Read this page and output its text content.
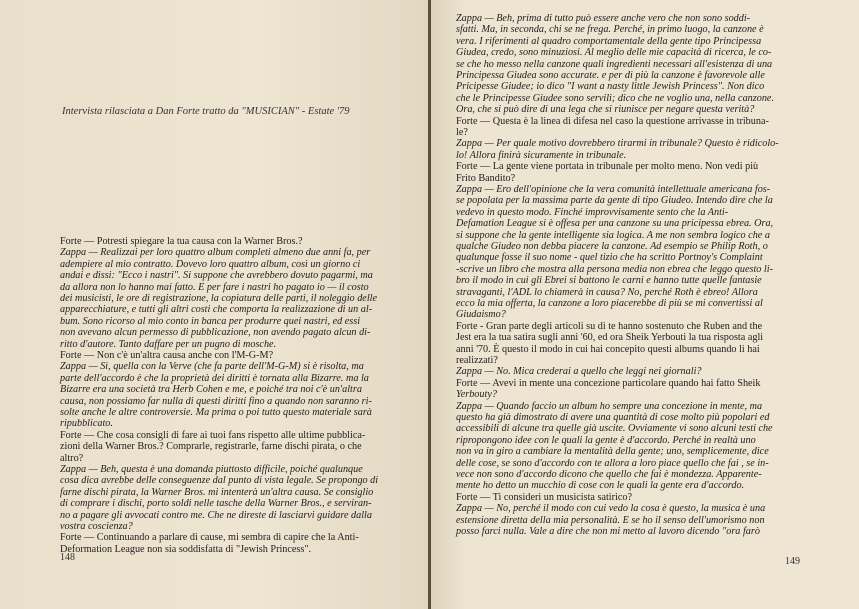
Intervista rilasciata a Dan Forte tratto da "MUSICIAN" - Estate '79
Forte — Potresti spiegare la tua causa con la Warner Bros.?
Zappa — Realizzai per loro quattro album completi almeno due anni fa, per
adempiere al mio contratto. Dovevo loro quattro album, così un giorno ci
andai e dissi: "Ecco i nastri". Si suppone che avrebbero dovuto pagarmi, ma
da allora non lo hanno mai fatto. E per fare i nastri ho pagato io — il costo
dei musicisti, le ore di registrazione, la copiatura delle parti, il noleggio delle
apparecchiature, e tutti gli altri costi che comporta la realizzazione di un al-
bum. Sono ricorso al mio conto in banca per produrre quei nastri, ed essi
non avevano alcun permesso di pubblicazione, non avendo pagato alcun di-
ritto d'autore. Tanto daffare per un pugno di mosche.
Forte — Non c'è un'altra causa anche con l'M-G-M?
Zappa — Sì, quella con la Verve (che fa parte dell'M-G-M) si è risolta, ma
parte dell'accordo è che la proprietà dei diritti è tornata alla Bizarre. ma la
Bizarre era una società tra Herb Cohen e me, e poiché tra noi c'è un'altra
causa, non possiamo far nulla di questi diritti fino a quando non saranno ri-
solte anche le altre controversie. Ma prima o poi tutto questo materiale sarà
ripubblicato.
Forte — Che cosa consigli di fare ai tuoi fans rispetto alle ultime pubblica-
zioni della Warner Bros.? Comprarle, registrarle, farne dischi pirata, o che
altro?
Zappa — Beh, questa è una domanda piuttosto difficile, poiché qualunque
cosa dica avrebbe delle conseguenze dal punto di vista legale. Se propongo di
farne dischi pirata, la Warner Bros. mi intenterà un'altra causa. Se consiglio
di comprare i dischi, porto soldi nelle tasche della Warner Bros., e serviran-
no a pagare gli avvocati contro me. Che ne direste di lasciarvi guidare dalla
vostra coscienza?
Forte — Continuando a parlare di cause, mi sembra di capire che la Anti-
Deformation League non sia soddisfatta di "Jewish Princess".
148
Zappa — Beh, prima di tutto può essere anche vero che non sono soddi-
sfatti. Ma, in seconda, chi se ne frega. Perché, in primo luogo, la canzone è
vera. I riferimenti al quadro comportamentale della gente tipo Principessa
Giudea, credo, sono minuziosi. Al meglio delle mie capacità di ricerca, le co-
se che ho messo nella canzone quali ingredienti necessari all'esistenza di una
Principessa Giudea sono accurate. e per di più la canzone è favorevole alle
Pricipesse Giudee; io dico "I want a nasty little Jewish Princess". Non dico
che le Principesse Giudee sono servili; dico che ne voglio una, nella canzone.
Ora, che si può dire di una lega che si riunisce per negare questa verità?
Forte — Questa è la linea di difesa nel caso la questione arrivasse in tribuna-
le?
Zappa — Per quale motivo dovrebbero tirarmi in tribunale? Questo è ridicolo-
lo! Allora finirà sicuramente in tribunale.
Forte — La gente viene portata in tribunale per molto meno. Non vedi più
Frito Bandito?
Zappa — Ero dell'opinione che la vera comunità intellettuale americana fos-
se popolata per la massima parte da gente di tipo Giudeo. Intendo dire che la
vedevo in questo modo. Finché improvvisamente sento che la Anti-
Defamation League si è offesa per una canzone su una pricipessa ebrea. Ora,
si suppone che la gente intelligente sia logica. A me non sembra logico che a
qualche Giudeo non debba piacere la canzone. Ad esempio se Philip Roth, o
qualunque fosse il suo nome - quel tizio che ha scritto Portnoy's Complaint
-scrive un libro che mostra alla persona media non ebrea che leggo questo li-
bro il modo in cui gli Ebrei si battono le carni e hanno tutte quelle fantasie
stravaganti, l'ADL lo chiamerà in causa? No, perché Roth è ebreo! Allora
ecco la mia offerta, la canzone a loro piacerebbe di più se mi convertissi al
Giudaismo?
Forte - Gran parte degli articoli su di te hanno sostenuto che Ruben and the
Jest era la tua satira sugli anni '60, ed ora Sheik Yerbouti la tua risposta agli
anni '70. È questo il modo in cui hai concepito questi albums quando li hai
realizzati?
Zappa — No. Mica crederai a quello che leggi nei giornali?
Forte — Avevi in mente una concezione particolare quando hai fatto Sheik
Yerbouty?
Zappa — Quando faccio un album ho sempre una concezione in mente, ma
questo ha già dimostrato di avere una quantità di cose molto più popolari ed
accessibili di alcune tra quelle già uscite. Ovviamente vi sono alcuni testi che
ripropongono idee con le quali la gente è d'accordo. Perché in realtà uno
non va in giro a cambiare la mentalità della gente; uno, semplicemente, dice
delle cose, se sono d'accordo con te allora a loro piace quello che fai , se in-
vece non sono d'accordo dicono che quello che fai è mondezza. Apparente-
mente ho detto un mucchio di cose con le quali la gente era d'accordo.
Forte — Ti consideri un musicista satirico?
Zappa — No, perché il modo con cui vedo la cosa è questo, la musica è una
estensione diretta della mia personalità. E se ho il senso dell'umorismo non
posso farci nulla. Vale a dire che non mi metto al lavoro dicendo "ora farò
149
